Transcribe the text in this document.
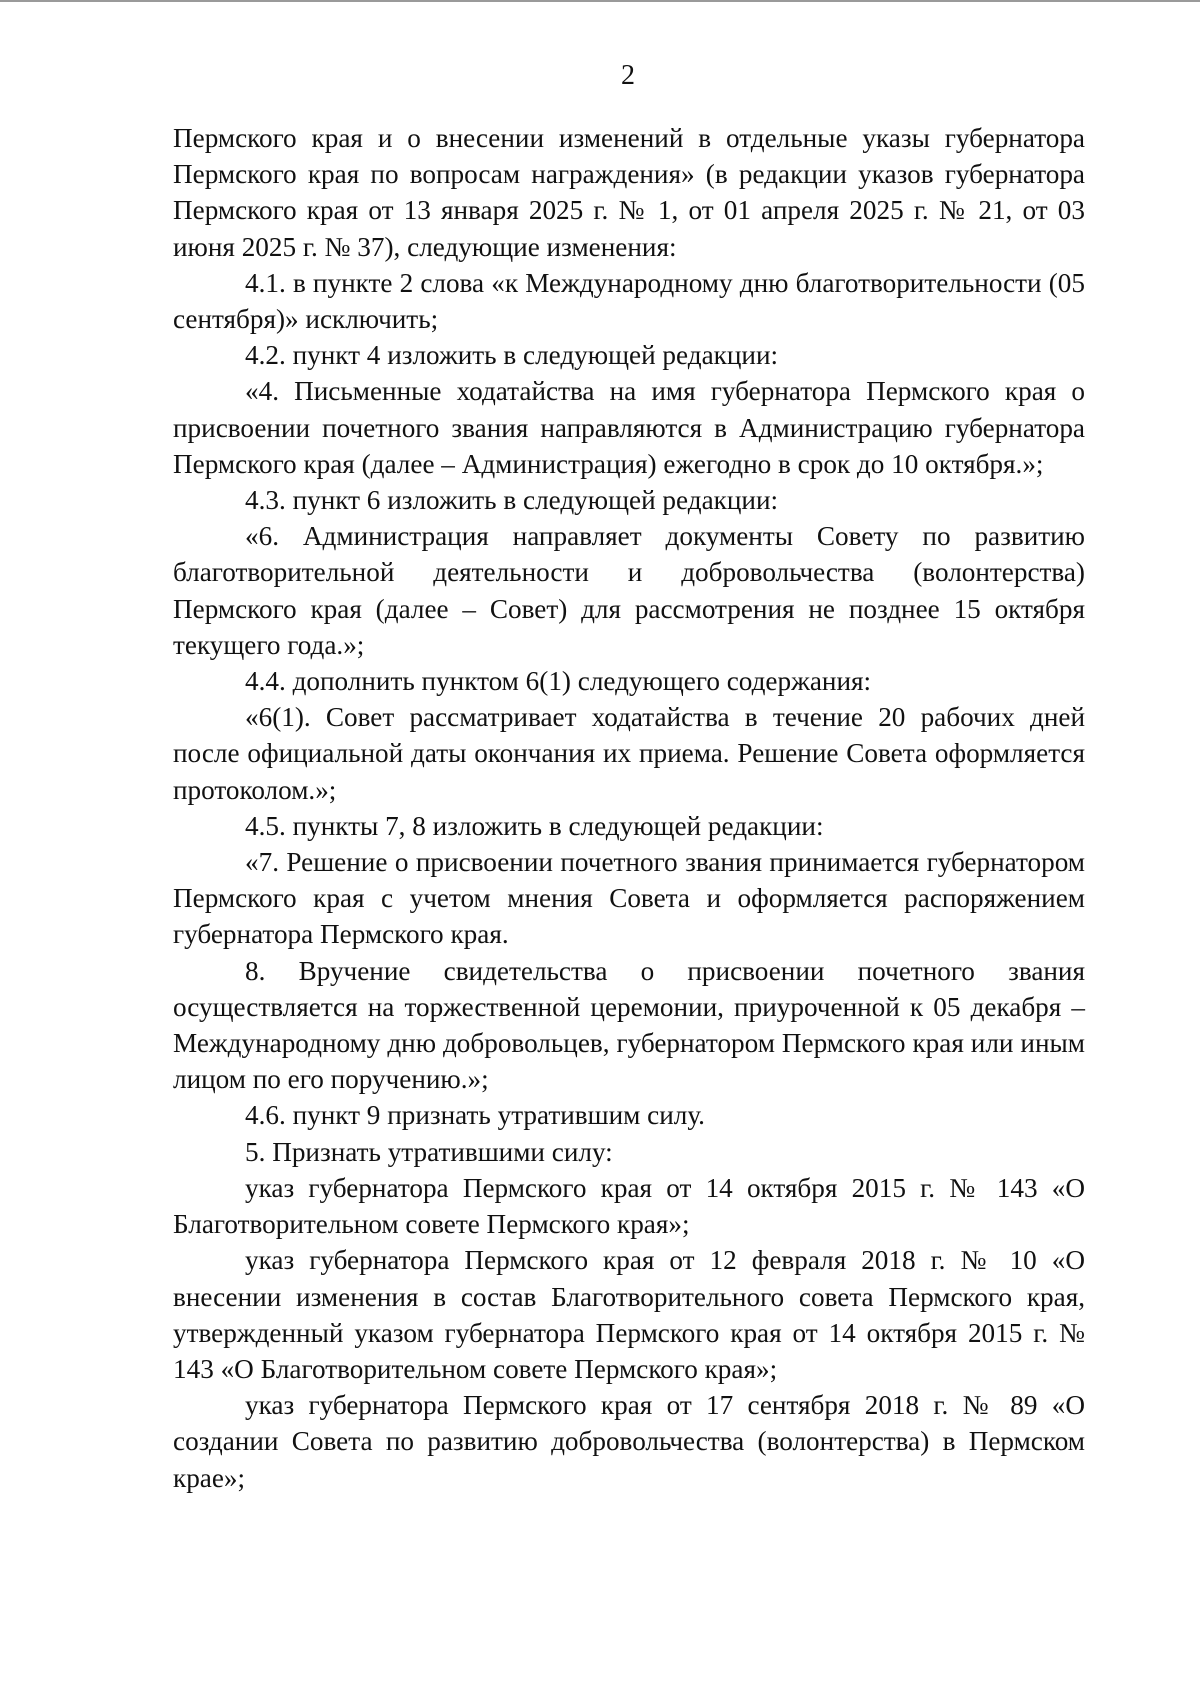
2

Пермского края и о внесении изменений в отдельные указы губернатора Пермского края по вопросам награждения» (в редакции указов губернатора Пермского края от 13 января 2025 г. № 1, от 01 апреля 2025 г. № 21, от 03 июня 2025 г. № 37), следующие изменения:

4.1. в пункте 2 слова «к Международному дню благотворительности (05 сентября)» исключить;

4.2. пункт 4 изложить в следующей редакции:

«4. Письменные ходатайства на имя губернатора Пермского края о присвоении почетного звания направляются в Администрацию губернатора Пермского края (далее – Администрация) ежегодно в срок до 10 октября.»;

4.3. пункт 6 изложить в следующей редакции:

«6. Администрация направляет документы Совету по развитию благотворительной деятельности и добровольчества (волонтерства) Пермского края (далее – Совет) для рассмотрения не позднее 15 октября текущего года.»;

4.4. дополнить пунктом 6(1) следующего содержания:

«6(1). Совет рассматривает ходатайства в течение 20 рабочих дней после официальной даты окончания их приема. Решение Совета оформляется протоколом.»;

4.5. пункты 7, 8 изложить в следующей редакции:

«7. Решение о присвоении почетного звания принимается губернатором Пермского края с учетом мнения Совета и оформляется распоряжением губернатора Пермского края.

8. Вручение свидетельства о присвоении почетного звания осуществляется на торжественной церемонии, приуроченной к 05 декабря – Международному дню добровольцев, губернатором Пермского края или иным лицом по его поручению.»;

4.6. пункт 9 признать утратившим силу.

5. Признать утратившими силу:

указ губернатора Пермского края от 14 октября 2015 г. № 143 «О Благотворительном совете Пермского края»;

указ губернатора Пермского края от 12 февраля 2018 г. № 10 «О внесении изменения в состав Благотворительного совета Пермского края, утвержденный указом губернатора Пермского края от 14 октября 2015 г. № 143 «О Благотворительном совете Пермского края»;

указ губернатора Пермского края от 17 сентября 2018 г. № 89 «О создании Совета по развитию добровольчества (волонтерства) в Пермском крае»;
